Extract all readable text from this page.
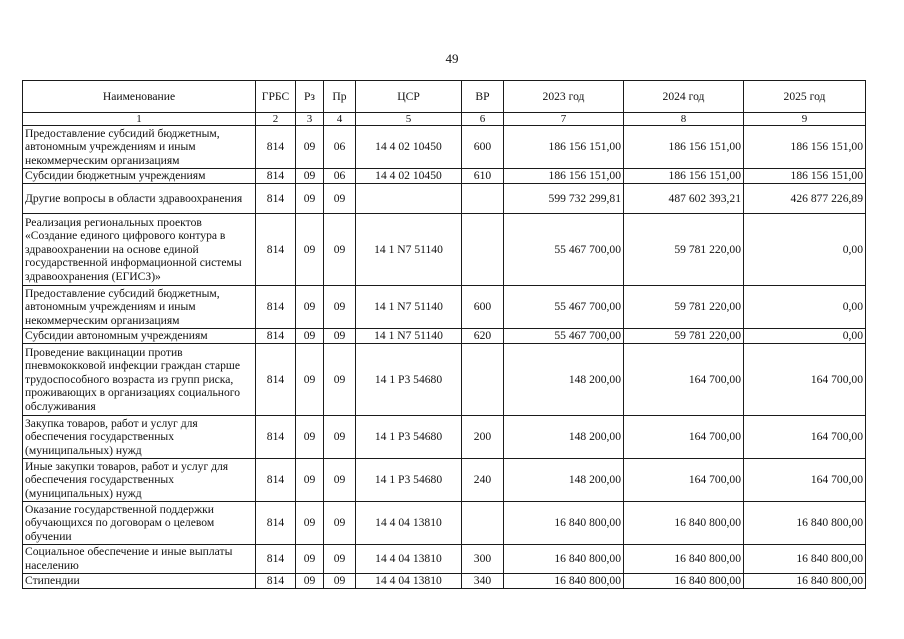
49
Наименование	ГРБС	Рз	Пр	ЦСР	ВР	2023 год	2024 год	2025 год
1	2	3	4	5	6	7	8	9
Предоставление субсидий бюджетным, автономным учреждениям и иным некоммерческим организациям	814	09	06	14 4 02 10450	600	186 156 151,00	186 156 151,00	186 156 151,00
Субсидии бюджетным учреждениям	814	09	06	14 4 02 10450	610	186 156 151,00	186 156 151,00	186 156 151,00
Другие вопросы в области здравоохранения	814	09	09			599 732 299,81	487 602 393,21	426 877 226,89
Реализация региональных проектов «Создание единого цифрового контура в здравоохранении на основе единой государственной информационной системы здравоохранения (ЕГИСЗ)»	814	09	09	14 1 N7 51140		55 467 700,00	59 781 220,00	0,00
Предоставление субсидий бюджетным, автономным учреждениям и иным некоммерческим организациям	814	09	09	14 1 N7 51140	600	55 467 700,00	59 781 220,00	0,00
Субсидии автономным учреждениям	814	09	09	14 1 N7 51140	620	55 467 700,00	59 781 220,00	0,00
Проведение вакцинации против пневмококковой инфекции граждан старше трудоспособного возраста из групп риска, проживающих в организациях социального обслуживания	814	09	09	14 1 P3 54680		148 200,00	164 700,00	164 700,00
Закупка товаров, работ и услуг для обеспечения государственных (муниципальных) нужд	814	09	09	14 1 P3 54680	200	148 200,00	164 700,00	164 700,00
Иные закупки товаров, работ и услуг для обеспечения государственных (муниципальных) нужд	814	09	09	14 1 P3 54680	240	148 200,00	164 700,00	164 700,00
Оказание государственной поддержки обучающихся по договорам о целевом обучении	814	09	09	14 4 04 13810		16 840 800,00	16 840 800,00	16 840 800,00
Социальное обеспечение и иные выплаты населению	814	09	09	14 4 04 13810	300	16 840 800,00	16 840 800,00	16 840 800,00
Стипендии	814	09	09	14 4 04 13810	340	16 840 800,00	16 840 800,00	16 840 800,00
